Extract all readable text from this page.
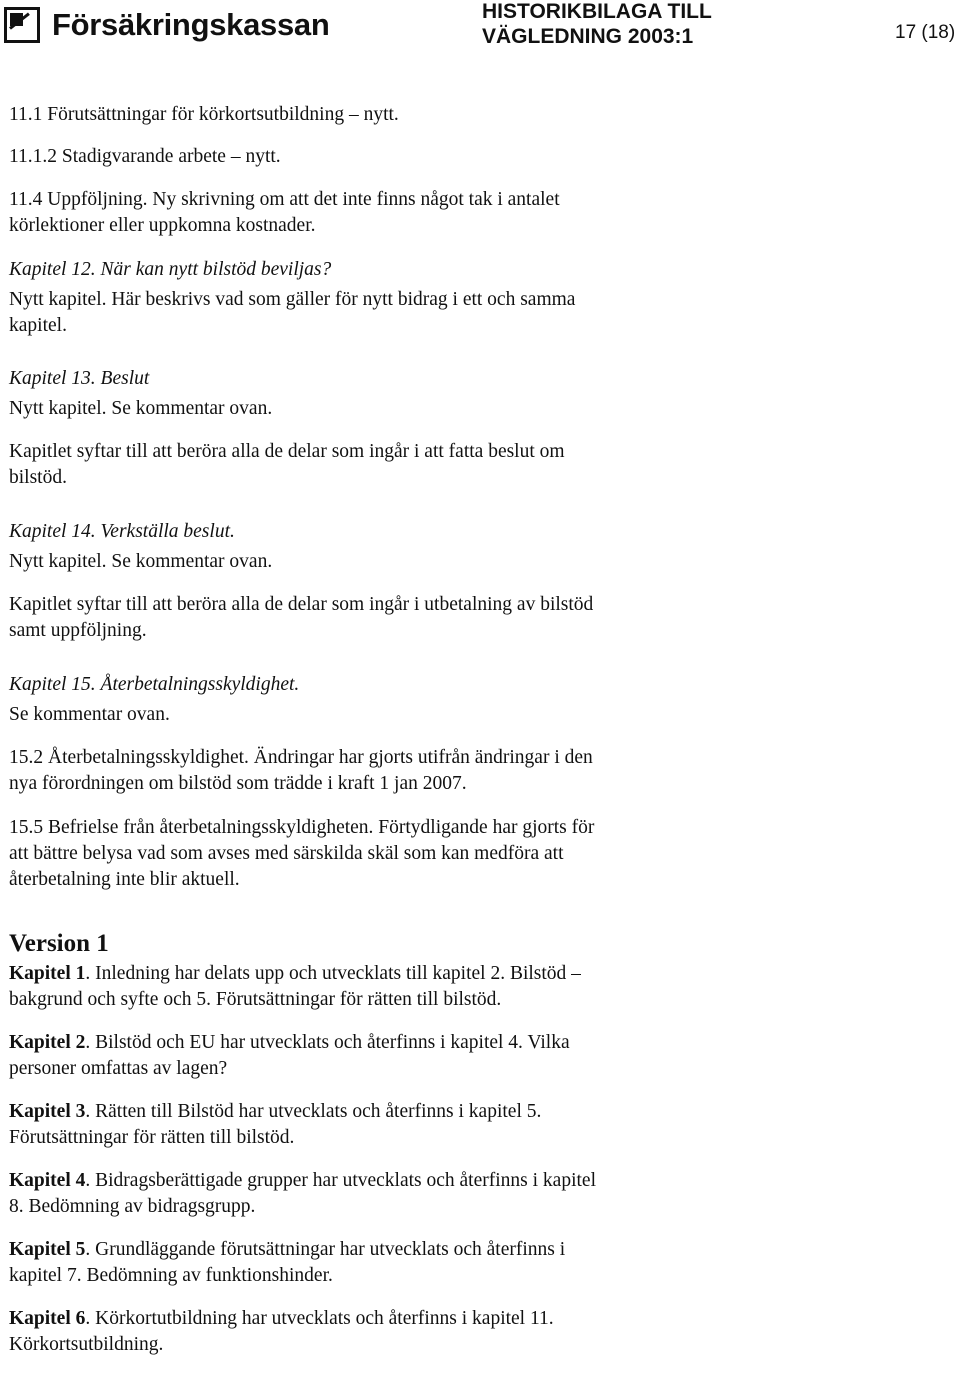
Försäkringskassan	HISTORIKBILAGA TILL
VÄGLEDNING 2003:1	17 (18)

11.1 Förutsättningar för körkortsutbildning – nytt.

11.1.2 Stadigvarande arbete – nytt.

11.4 Uppföljning. Ny skrivning om att det inte finns något tak i antalet

körlektioner eller uppkomna kostnader.

Kapitel 12. När kan nytt bilstöd beviljas?

Nytt kapitel. Här beskrivs vad som gäller för nytt bidrag i ett och samma

kapitel.

Kapitel 13. Beslut

Nytt kapitel. Se kommentar ovan.

Kapitlet syftar till att beröra alla de delar som ingår i att fatta beslut om

bilstöd.

Kapitel 14. Verkställa beslut.

Nytt kapitel. Se kommentar ovan.

Kapitlet syftar till att beröra alla de delar som ingår i utbetalning av bilstöd

samt uppföljning.

Kapitel 15. Återbetalningsskyldighet.

Se kommentar ovan.

15.2 Återbetalningsskyldighet. Ändringar har gjorts utifrån ändringar i den

nya förordningen om bilstöd som trädde i kraft 1 jan 2007.

15.5 Befrielse från återbetalningsskyldigheten. Förtydligande har gjorts för

att bättre belysa vad som avses med särskilda skäl som kan medföra att

återbetalning inte blir aktuell.

Version 1

Kapitel 1. Inledning har delats upp och utvecklats till kapitel 2. Bilstöd –

bakgrund och syfte och 5. Förutsättningar för rätten till bilstöd.

Kapitel 2. Bilstöd och EU har utvecklats och återfinns i kapitel 4. Vilka

personer omfattas av lagen?

Kapitel 3. Rätten till Bilstöd har utvecklats och återfinns i kapitel 5.

Förutsättningar för rätten till bilstöd.

Kapitel 4. Bidragsberättigade grupper har utvecklats och återfinns i kapitel

8. Bedömning av bidragsgrupp.

Kapitel 5. Grundläggande förutsättningar har utvecklats och återfinns i

kapitel 7. Bedömning av funktionshinder.

Kapitel 6. Körkortutbildning har utvecklats och återfinns i kapitel 11.

Körkortsutbildning.
